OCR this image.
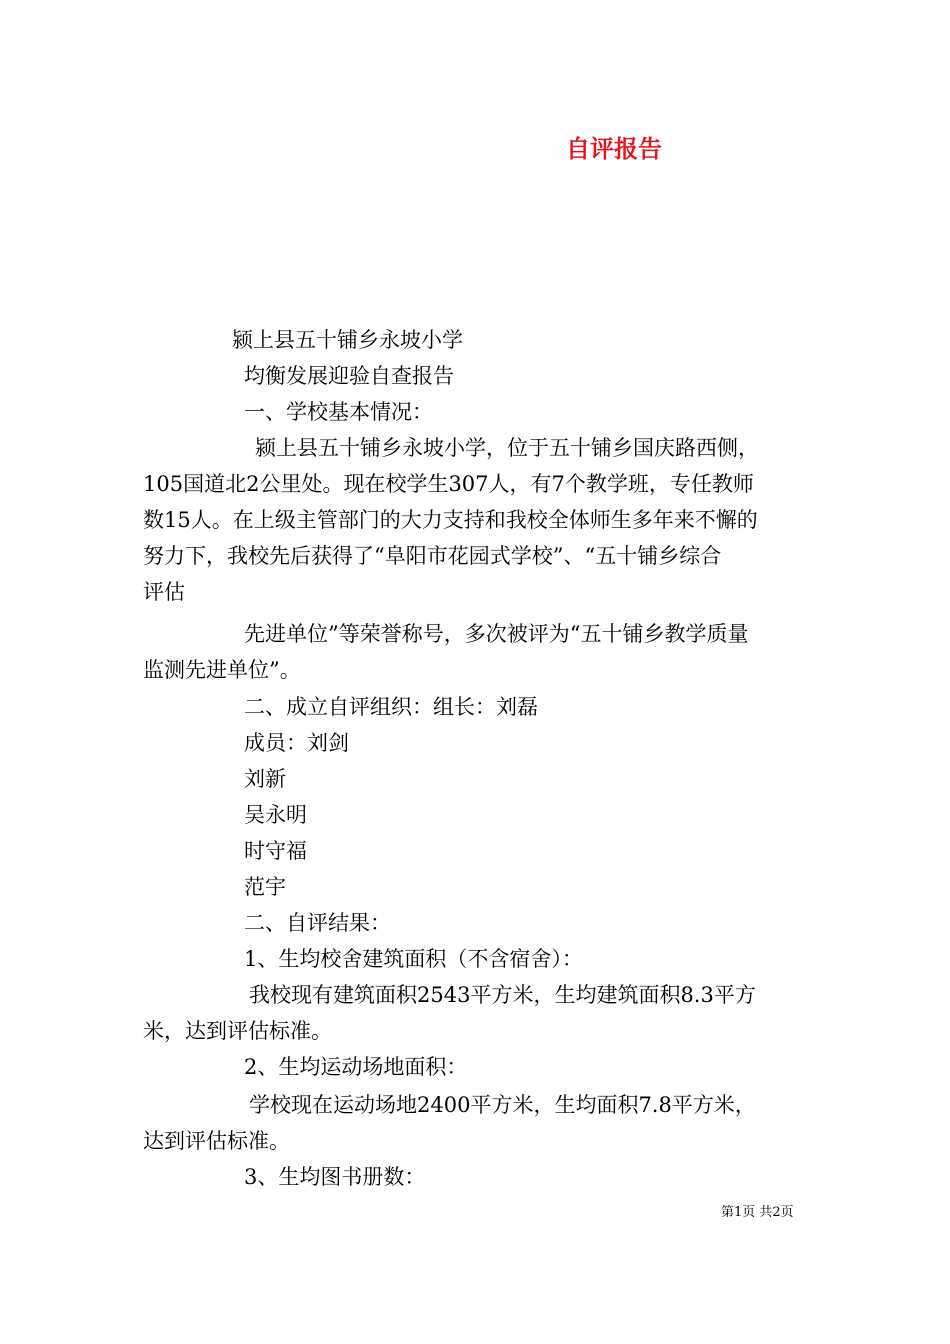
自评报告

颍上县五十铺乡永坡小学

均衡发展迎验自查报告

一、学校基本情况：

颍上县五十铺乡永坡小学，位于五十铺乡国庆路西侧，

105国道北2公里处。现在校学生307人，有7个教学班，专任教师

数15人。在上级主管部门的大力支持和我校全体师生多年来不懈的

努力下，我校先后获得了“阜阳市花园式学校”、“五十铺乡综合

评估

先进单位”等荣誉称号，多次被评为“五十铺乡教学质量

监测先进单位”。

二、成立自评组织：组长：刘磊

成员：刘剑

刘新

吴永明

时守福

范宇

二、自评结果：

1、生均校舍建筑面积（不含宿舍）：

我校现有建筑面积2543平方米，生均建筑面积8.3平方

米，达到评估标准。

2、生均运动场地面积：

学校现在运动场地2400平方米，生均面积7.8平方米，

达到评估标准。

3、生均图书册数：

第1页 共2页
